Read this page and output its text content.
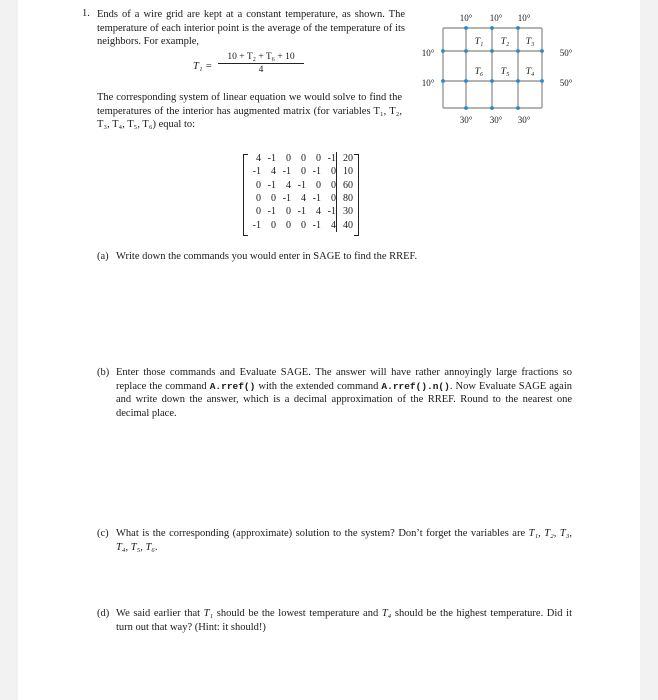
1. Ends of a wire grid are kept at a constant temperature, as shown. The temperature of each interior point is the average of the temperature of its neighbors. For example,
$T_1 = \frac{\text{10 + T₂ + T₆ + 10}}{4}$
The corresponding system of linear equation we would solve to find the temperatures of the interior has augmented matrix (for variables T₁, T₂, T₃, T₄, T₅, T₆) equal to:
10° 10° 10°
10°
10°
50°
50°
30° 30° 30°
T₁ T₂ T₃
T₆ T₅ T₄
4	-1	0	0	0	-1	20
-1	4	-1	0	-1	0	10
0	-1	4	-1	0	0	60
0	0	-1	4	-1	0	80
0	-1	0	-1	4	-1	30
-1	0	0	0	-1	4	40
(a) Write down the commands you would enter in SAGE to find the RREF.
(b) Enter those commands and Evaluate SAGE. The answer will have rather annoyingly large fractions so replace the command A.rref() with the extended command A.rref().n(). Now Evaluate SAGE again and write down the answer, which is a decimal approximation of the RREF. Round to the nearest one decimal place.
(c) What is the corresponding (approximate) solution to the system? Don’t forget the variables are T₁, T₂, T₃, T₄, T₅, T₆.
(d) We said earlier that T₁ should be the lowest temperature and T₄ should be the highest temperature. Did it turn out that way? (Hint: it should!)
